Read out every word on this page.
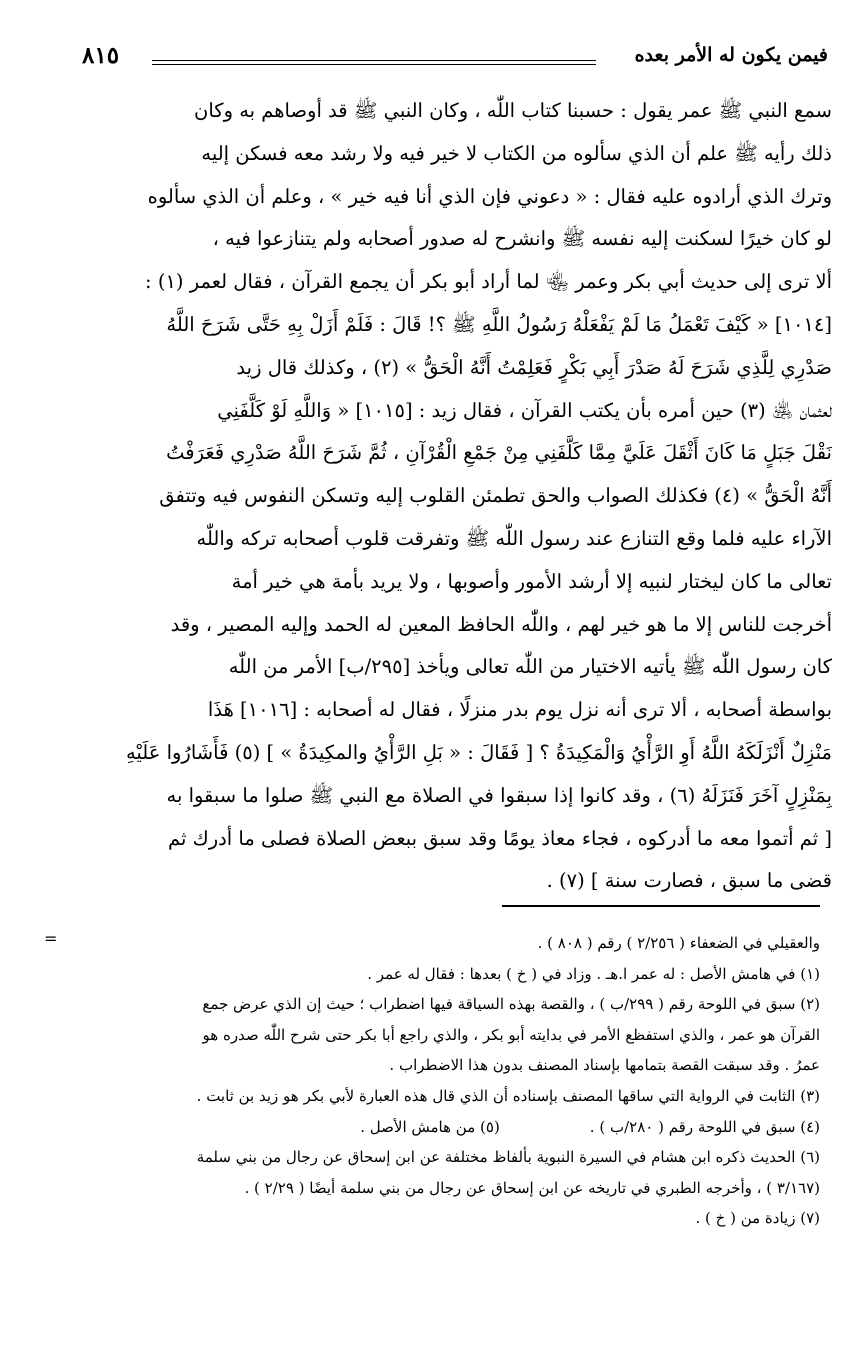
فيمن يكون له الأمر بعده
٨١٥

سمع النبي ﷺ عمر يقول : حسبنا كتاب اللّٰه ، وكان النبي ﷺ قد أوصاهم به وكان

ذلك رأيه ﷺ علم أن الذي سألوه من الكتاب لا خير فيه ولا رشد معه فسكن إليه

وترك الذي أرادوه عليه فقال : « دعوني فإن الذي أنا فيه خير » ، وعلم أن الذي سألوه

لو كان خيرًا لسكنت إليه نفسه ﷺ وانشرح له صدور أصحابه ولم يتنازعوا فيه ،

ألا ترى إلى حديث أبي بكر وعمر ﵄ لما أراد أبو بكر أن يجمع القرآن ، فقال لعمر (١) :

[١٠١٤] « كَيْفَ تَعْمَلُ مَا لَمْ يَفْعَلْهُ رَسُولُ اللَّهِ ﷺ ؟! قَالَ : فَلَمْ أَزَلْ بِهِ حَتَّى شَرَحَ اللَّهُ

صَدْرِي لِلَّذِي شَرَحَ لَهُ صَدْرَ أَبِي بَكْرٍ فَعَلِمْتُ أَنَّهُ الْحَقُّ » (٢) ، وكذلك قال زيد

لعثمان ﵁ (٣) حين أمره بأن يكتب القرآن ، فقال زيد : [١٠١٥] « وَاللَّهِ لَوْ كَلَّفَنِي

نَقْلَ جَبَلٍ مَا كَانَ أَثْقَلَ عَلَيَّ مِمَّا كَلَّفَنِي مِنْ جَمْعِ الْقُرْآنِ ، ثُمَّ شَرَحَ اللَّهُ صَدْرِي فَعَرَفْتُ

أَنَّهُ الْحَقُّ » (٤) فكذلك الصواب والحق تطمئن القلوب إليه وتسكن النفوس فيه وتتفق

الآراء عليه فلما وقع التنازع عند رسول اللّٰه ﷺ وتفرقت قلوب أصحابه تركه واللّٰه

تعالى ما كان ليختار لنبيه إلا أرشد الأمور وأصوبها ، ولا يريد بأمة هي خير أمة

أخرجت للناس إلا ما هو خير لهم ، واللّٰه الحافظ المعين له الحمد وإليه المصير ، وقد

كان رسول اللّٰه ﷺ يأتيه الاختيار من اللّٰه تعالى ويأخذ [٢٩٥/ب] الأمر من اللّٰه

بواسطة أصحابه ، ألا ترى أنه نزل يوم بدر منزلًا ، فقال له أصحابه : [١٠١٦] هَذَا

مَنْزِلٌ أَنْزَلَكَهُ اللَّهُ أَوِ الرَّأْيُ وَالْمَكِيدَةُ ؟ [ فَقَالَ : « بَلِ الرَّأْيُ والمكِيدَةُ » ] (٥) فَأَشَارُوا عَلَيْهِ

بِمَنْزِلٍ آخَرَ فَنَزَلَهُ (٦) ، وقد كانوا إذا سبقوا في الصلاة مع النبي ﷺ صلوا ما سبقوا به

[ ثم أتموا معه ما أدركوه ، فجاء معاذ يومًا وقد سبق ببعض الصلاة فصلى ما أدرك ثم

قضى ما سبق ، فصارت سنة ] (٧) .

=	والعقيلي في الضعفاء ( ٢/٢٥٦ ) رقم ( ٨٠٨ ) .

(١) في هامش الأصل : له عمر ا.هـ . وزاد في ( خ ) بعدها : فقال له عمر .

(٢) سبق في اللوحة رقم ( ٢٩٩/ب ) ، والقصة بهذه السياقة فيها اضطراب ؛ حيث إن الذي عرض جمع

القرآن هو عمر ، والذي استفظع الأمر في بدايته أبو بكر ، والذي راجع أبا بكر حتى شرح اللّٰه صدره هو

عمرُ . وقد سبقت القصة بتمامها بإسناد المصنف بدون هذا الاضطراب .

(٣) الثابت في الرواية التي ساقها المصنف بإسناده أن الذي قال هذه العبارة لأبي بكر هو زيد بن ثابت .

(٤) سبق في اللوحة رقم ( ٢٨٠/ب ) .
(٥) من هامش الأصل .

(٦) الحديث ذكره ابن هشام في السيرة النبوية بألفاظ مختلفة عن ابن إسحاق عن رجال من بني سلمة

(٣/١٦٧ ) ، وأخرجه الطبري في تاريخه عن ابن إسحاق عن رجال من بني سلمة أيضًا ( ٢/٢٩ ) .

(٧) زيادة من ( خ ) .
